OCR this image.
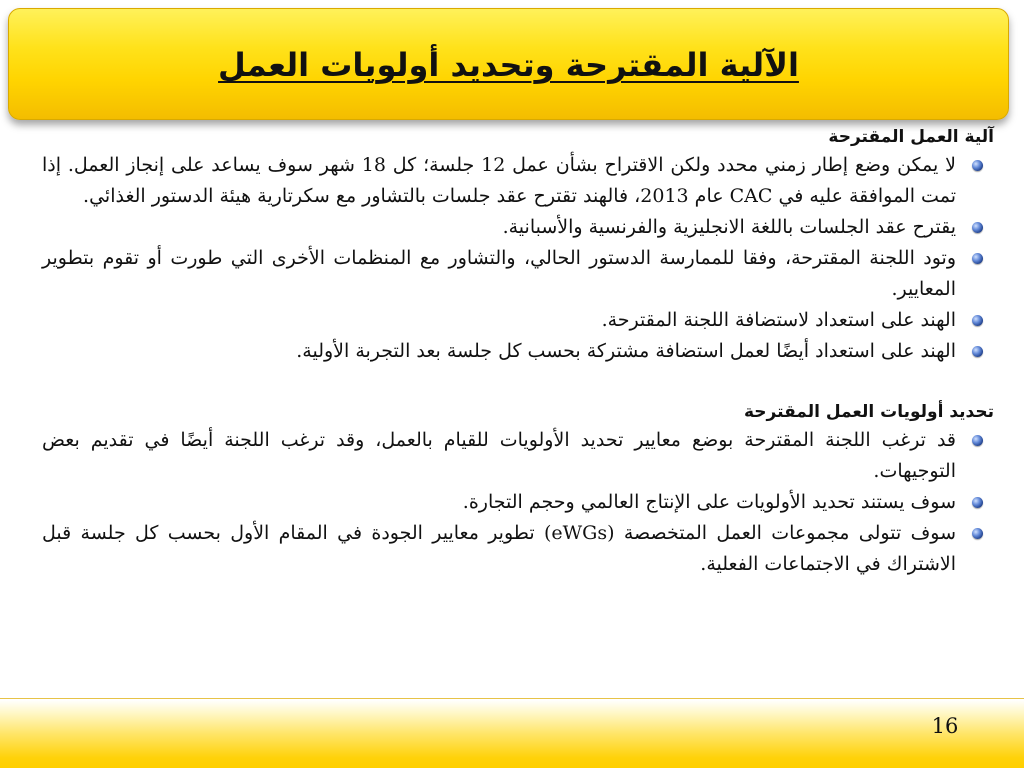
الآلية المقترحة وتحديد أولويات العمل
آلية العمل المقترحة
لا يمكن وضع إطار زمني محدد ولكن الاقتراح بشأن عمل 12 جلسة؛ كل 18 شهر سوف يساعد على إنجاز العمل. إذا تمت الموافقة عليه في CAC عام 2013، فالهند تقترح عقد جلسات بالتشاور مع سكرتارية هيئة الدستور الغذائي.
يقترح عقد الجلسات باللغة الانجليزية والفرنسية والأسبانية.
وتود اللجنة المقترحة، وفقا للممارسة الدستور الحالي، والتشاور مع المنظمات الأخرى التي طورت أو تقوم بتطوير المعايير.
الهند على استعداد لاستضافة اللجنة المقترحة.
الهند على استعداد أيضًا لعمل استضافة مشتركة بحسب كل جلسة بعد التجربة الأولية.
تحديد أولويات العمل المقترحة
قد ترغب اللجنة المقترحة بوضع معايير تحديد الأولويات للقيام بالعمل، وقد ترغب اللجنة أيضًا في تقديم بعض التوجيهات.
سوف يستند تحديد الأولويات على الإنتاج العالمي وحجم التجارة.
سوف تتولى مجموعات العمل المتخصصة (eWGs) تطوير معايير الجودة في المقام الأول بحسب كل جلسة قبل الاشتراك في الاجتماعات الفعلية.
16
